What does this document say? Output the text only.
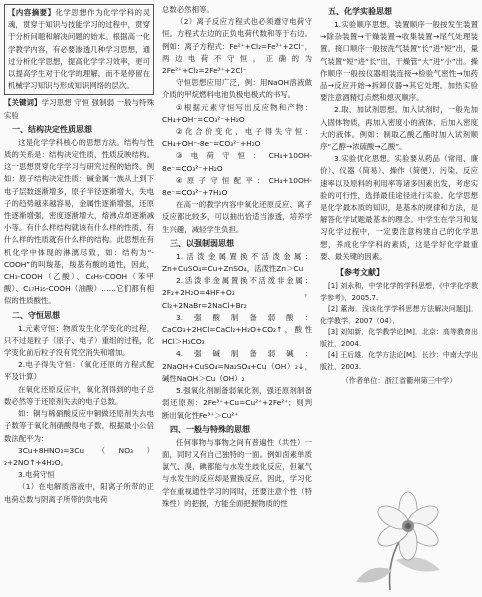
【内容摘要】化学思想作为化学学科的灵魂，贯穿于知识与技能学习的过程中，贯穿于分析问题和解决问题的始末。根据高一化学教学内容，有必要渗透几种学习思想，通过分析化学思想，提高化学学习效率，更可以提高学生对于化学的理解，而不是停留在机械学习知识与形成知识网络的层次。

【关键词】学习思想 守恒 强制弱 一般与特殊 实验

一、结构决定性质思想

这是化学学科核心的思想方法。结构与性质的关系是：结构决定性质，性质反映结构。这一思想贯穿化学学习与研究过程的始终。例如：原子结构决定性质：碱金属一族从上到下电子层数逐渐增多，原子半径逐渐增大，失电子的趋势越来越容易，金属性逐渐增强，还原性逐渐增强，密度逐渐增大，熔沸点却逐渐减小等。有什么样结构就该有什么样的性质，有什么样的性质就有什么样的结构。此思想在有机化学中体现的淋漓尽致，如：结构为“-COOH”的叫羧基，羧基有酸的通性，因此，CH₃-COOH（乙酸）、C₆H₅-COOH（苯甲酸）、C₁₇H₃₅-COOH（油酸）……它们都有相似的性质酸性。

二、守恒思想

1.元素守恒：物质发生化学变化的过程，只不过是粒子（原子、电子）重组的过程，化学变化前后粒子没有凭空消失和增加。

2.电子得失守恒：（氧化还原的方程式配平及计算）

在氧化还原反应中，氧化剂得到的电子总数必然等于还原剂失去的电子总数。

如：铜与稀硝酸反应中铜做还原剂失去电子数等于氧化剂硝酸得电子数，根据最小公倍数法配平为：

3Cu+8HNO₃=3Cu（NO₃）₂+2NO↑+4H₂O。

3.电荷守恒

（1）在电解质溶液中，阳离子所带的正电荷总数与阴离子所带的负电荷

总数必然相等。

（2）离子反应方程式也必须遵守电荷守恒。方程式左边的正负电荷代数和等于右边。例如：离子方程式：Fe²⁺+Cl₂=Fe³⁺+2Cl⁻，两边电荷不守恒，正确的为2Fe²⁺+Cl₂=2Fe³⁺+2Cl⁻

守恒思想应用广泛，例：用NaOH溶液做介质的甲烷燃料电池负极电极式的书写。

①根据元素守恒写出反应物和产物：CH₄+OH⁻=CO₃²⁻+H₂O

②化合价变化、电子得失守恒：CH₄+OH⁻-8e⁻=CO₃²⁻+H₂O

③电荷守恒：CH₄+10OH-8e⁻=CO₃²⁻+H₂O

④原子守恒配平：CH₄+10OH-8e⁻=CO₃²⁻+7H₂O

在高一的教学内容中氧化还原反应、离子反应都比较多，可以抽出恰适当渗透，培养学生兴趣，减轻学生负担。

三、以强制弱思想

1.活泼金属置换不活泼金属：Zn+CuSO₄=Cu+ZnSO₄，活泼性Zn＞Cu

2.活泼非金属置换不活泼非金属：2F₂+2H₂O=4HF+O₂，Cl₂+2NaBr=2NaCl+Br₂

3.强酸制备弱酸：CaCO₃+2HCl=CaCl₂+H₂O+CO₂↑，酸性HCl＞H₂CO₃

4.强碱制备弱碱：2NaOH+CuSO₄=Na₂SO₄+Cu（OH）₂↓，碱性NaOH＞Cu（OH）₂

5.强氧化剂制备弱氧化剂，强还原剂制备弱还原剂：2Fe³⁺+Cu=Cu²⁺+2Fe²⁺；则判断出氧化性Fe³⁺＞Cu²⁺

四、一般与特殊的思想

任何事物与事物之间有普遍性（共性）一面，同时又有自己独特的一面。例如卤素单质氯气、溴、碘都能与水发生歧化反应，但氟气与水发生的反应却是置换反应。因此，学习化学在重视通性学习的同时，还要注意个性（特殊性）的把握，方能全面把握物质的性

五、化学实验思想

1.实验顺序思想。装置顺序一般按发生装置→除杂装置→干燥装置→收集装置→尾气处理装置。接口顺序一般按洗气装置“长”进“短”出，量气装置“短”进“长”出，干燥管“大”进“小”出。操作顺序一般按仪器组装连接→检验气密性→加药品→反应开始→拆卸仪器→其它处理。加热实验要注意酒精灯点燃和熄灭顺序。

2.取、加试剂思想。加入试剂时，一般先加入固体物质，再加入密度小的液体，后加入密度大的液体。例如：制取乙酸乙酯时加入试剂顺序“乙醇→浓硫酸→乙酸”。

3.实验优化思想。实验要从药品（常用、廉价）、仪器（简易）、操作（简便）、污染、反应速率以及原料的利用率等诸多因素出发，考虑实验的可行性，选择最佳途径进行实验。化学思想是化学最本质的知识，是基本的规律和方法，是解答化学试题最基本的理念。中学生在学习和复习化学过程中，一定要注意构建自己的化学思想，养成化学学科的素质，这是学好化学最重要、最关键的因素。

【参考文献】

[1] 刘永和，中学化学的学科思想，《中学化学教学参考》，2005.7.

[2] 董海．浅谈化学学科思想方法解决问题[J]．化学教学，2007（04）．

[3] 刘知新．化学教学论[M]．北京：高等教育出版社，2004.

[4] 王后雄．化学方法论[M]．长沙：中南大学出版社，2003.

（作者单位：浙江省衢州第三中学）
